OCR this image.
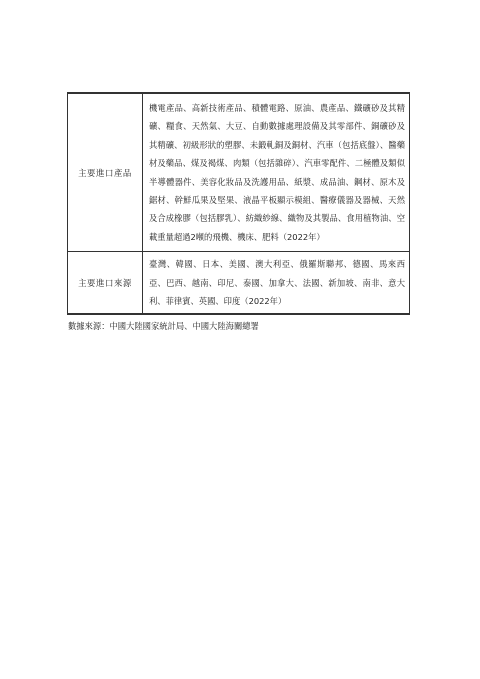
主要進口產品	機電產品、高新技術產品、積體電路、原油、農產品、鐵礦砂及其精礦、糧食、天然氣、大豆、自動數據處理設備及其零部件、銅礦砂及其精礦、初級形狀的塑膠、未鍛軋銅及銅材、汽車（包括底盤）、醫藥材及藥品、煤及褐煤、肉類（包括雜碎）、汽車零配件、二極體及類似半導體器件、美容化妝品及洗護用品、紙漿、成品油、鋼材、原木及鋸材、幹鮮瓜果及堅果、液晶平板顯示模組、醫療儀器及器械、天然及合成橡膠（包括膠乳）、紡織紗線、織物及其製品、食用植物油、空載重量超過2噸的飛機、機床、肥料（2022年）
主要進口來源	臺灣、韓國、日本、美國、澳大利亞、俄羅斯聯邦、德國、馬來西亞、巴西、越南、印尼、泰國、加拿大、法國、新加坡、南非、意大利、菲律賓、英國、印度（2022年）
數據來源：中國大陸國家統計局、中國大陸海關總署
